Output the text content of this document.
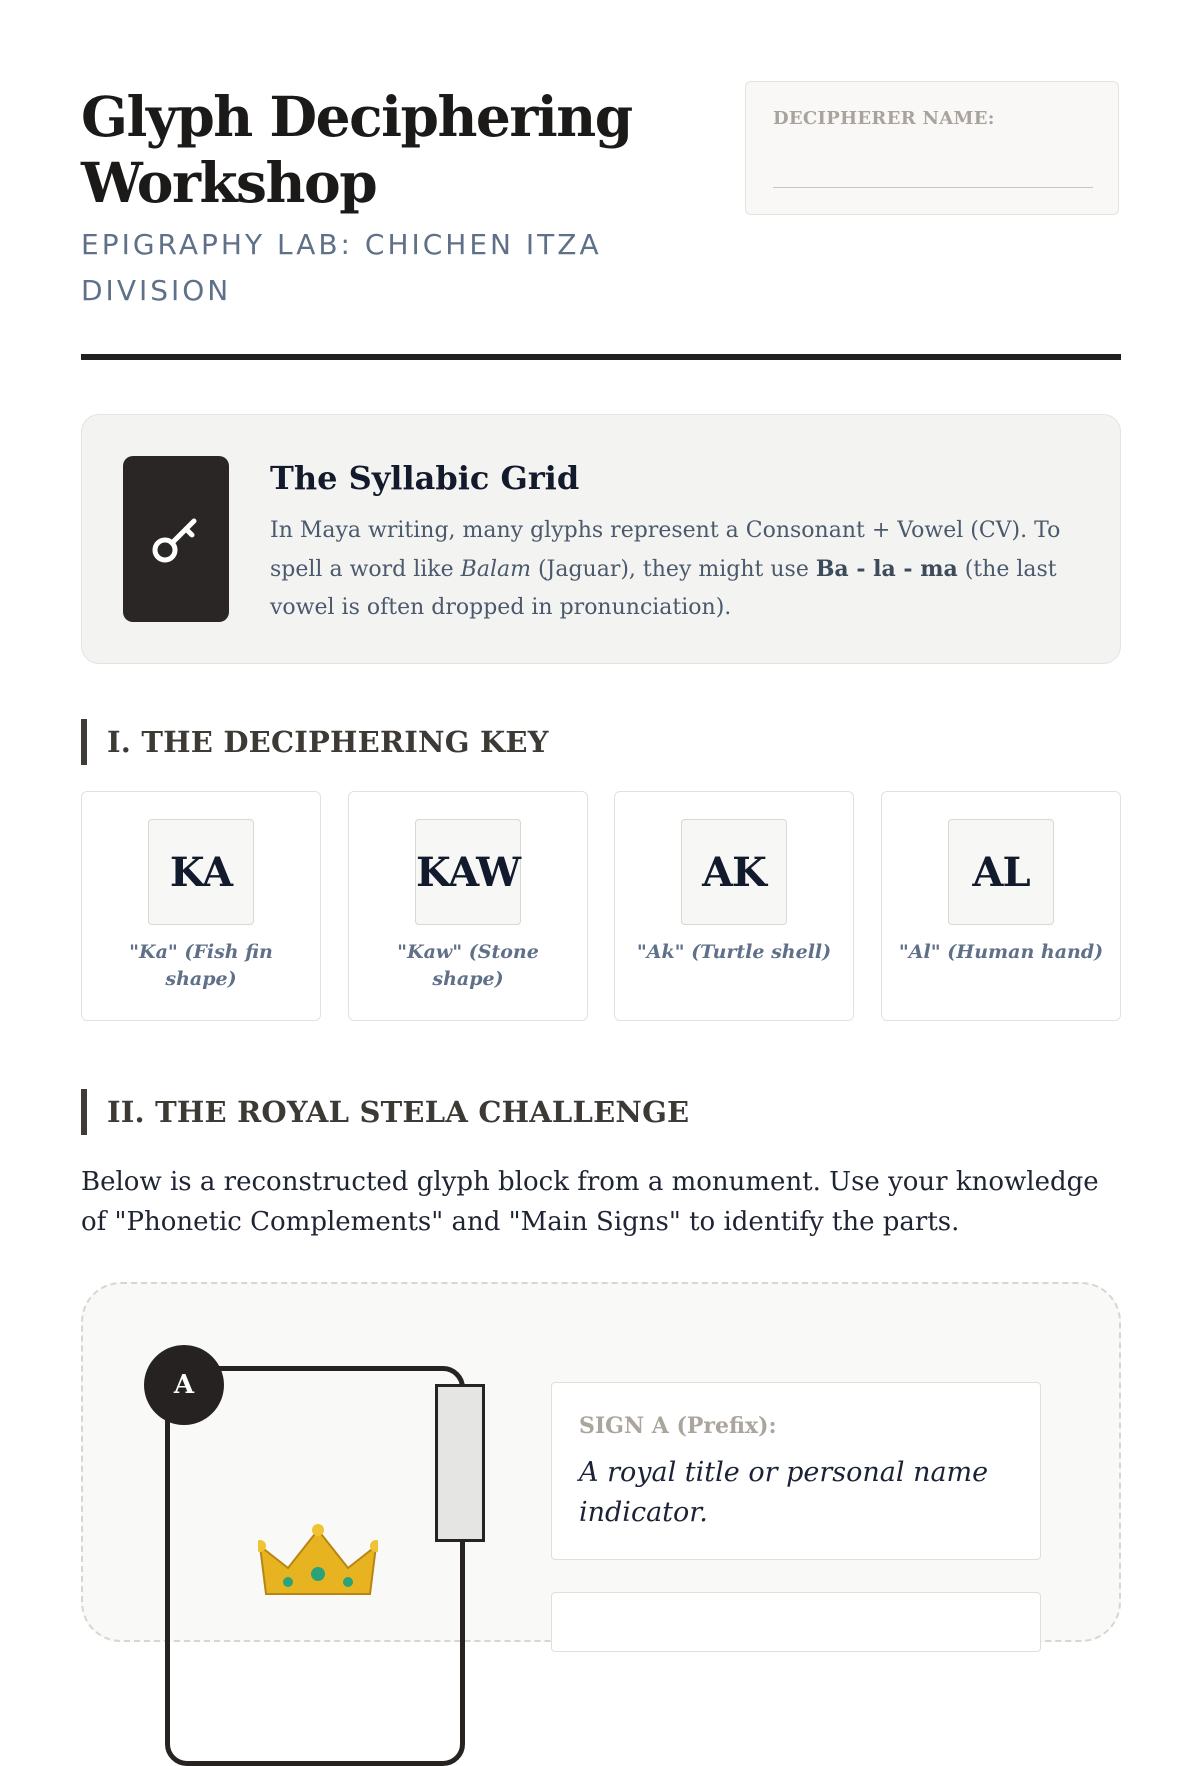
Glyph Deciphering
Workshop
EPIGRAPHY LAB: CHICHEN ITZA
DIVISION
DECIPHERER NAME:
The Syllabic Grid

In Maya writing, many glyphs represent a Consonant + Vowel (CV). To spell a word like Balam (Jaguar), they might use Ba - la - ma (the last vowel is often dropped in pronunciation).

I. THE DECIPHERING KEY
KA
"Ka" (Fish fin shape)
KAW
"Kaw" (Stone shape)
AK
"Ak" (Turtle shell)
AL
"Al" (Human hand)
II. THE ROYAL STELA CHALLENGE

Below is a reconstructed glyph block from a monument. Use your knowledge of "Phonetic Complements" and "Main Signs" to identify the parts.

A
SIGN A (Prefix):
A royal title or personal name indicator.
